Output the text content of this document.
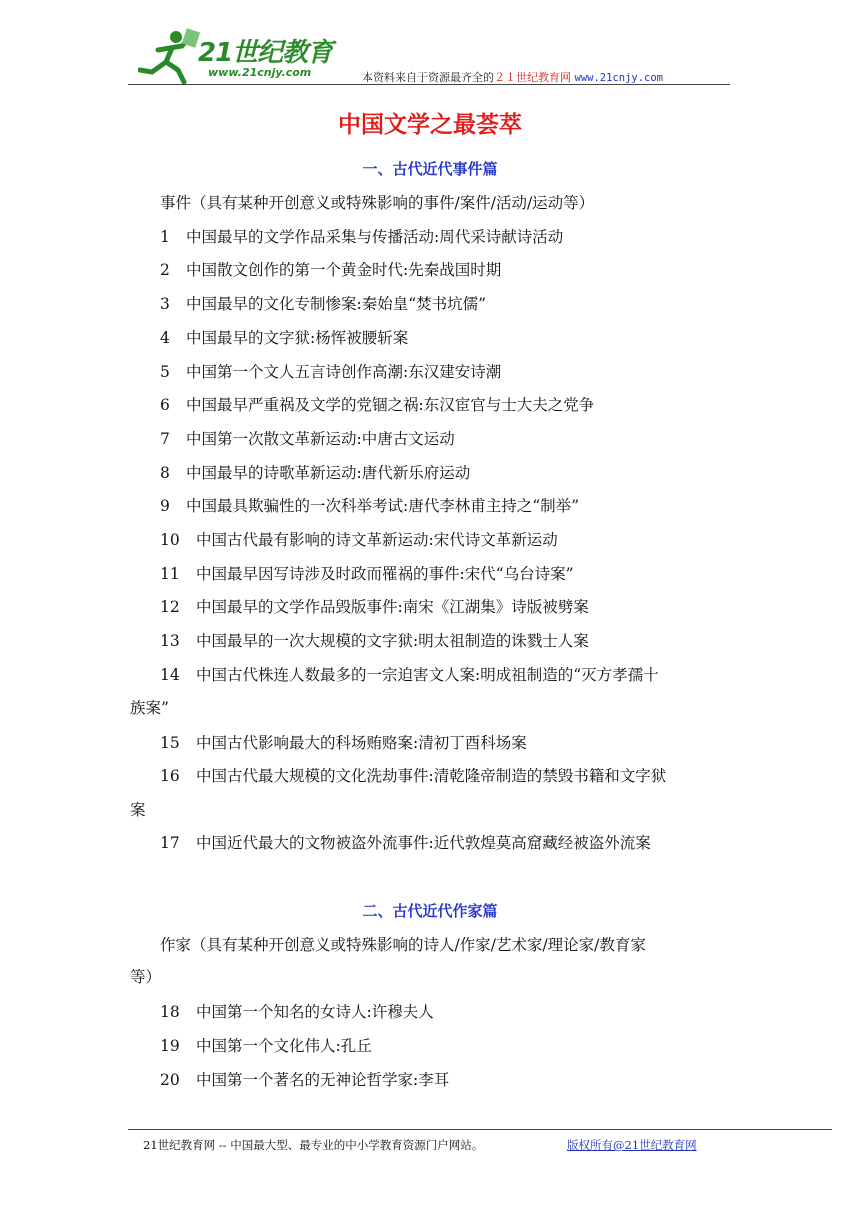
21世纪教育
www.21cnjy.com	本资料来自于资源最齐全的２１世纪教育网 www.21cnjy.com
中国文学之最荟萃
一、古代近代事件篇
事件（具有某种开创意义或特殊影响的事件/案件/活动/运动等）
1 中国最早的文学作品采集与传播活动:周代采诗献诗活动
2 中国散文创作的第一个黄金时代:先秦战国时期
3 中国最早的文化专制惨案:秦始皇“焚书坑儒”
4 中国最早的文字狱:杨恽被腰斩案
5 中国第一个文人五言诗创作高潮:东汉建安诗潮
6 中国最早严重祸及文学的党锢之祸:东汉宦官与士大夫之党争
7 中国第一次散文革新运动:中唐古文运动
8 中国最早的诗歌革新运动:唐代新乐府运动
9 中国最具欺骗性的一次科举考试:唐代李林甫主持之“制举”
10 中国古代最有影响的诗文革新运动:宋代诗文革新运动
11 中国最早因写诗涉及时政而罹祸的事件:宋代“乌台诗案”
12 中国最早的文学作品毁版事件:南宋《江湖集》诗版被劈案
13 中国最早的一次大规模的文字狱:明太祖制造的诛戮士人案
14 中国古代株连人数最多的一宗迫害文人案:明成祖制造的“灭方孝孺十
族案”
15 中国古代影响最大的科场贿赂案:清初丁酉科场案
16 中国古代最大规模的文化洗劫事件:清乾隆帝制造的禁毁书籍和文字狱
案
17 中国近代最大的文物被盗外流事件:近代敦煌莫高窟藏经被盗外流案
二、古代近代作家篇
作家（具有某种开创意义或特殊影响的诗人/作家/艺术家/理论家/教育家
等）
18 中国第一个知名的女诗人:许穆夫人
19 中国第一个文化伟人:孔丘
20 中国第一个著名的无神论哲学家:李耳
21世纪教育网 -- 中国最大型、最专业的中小学教育资源门户网站。	版权所有@21世纪教育网
